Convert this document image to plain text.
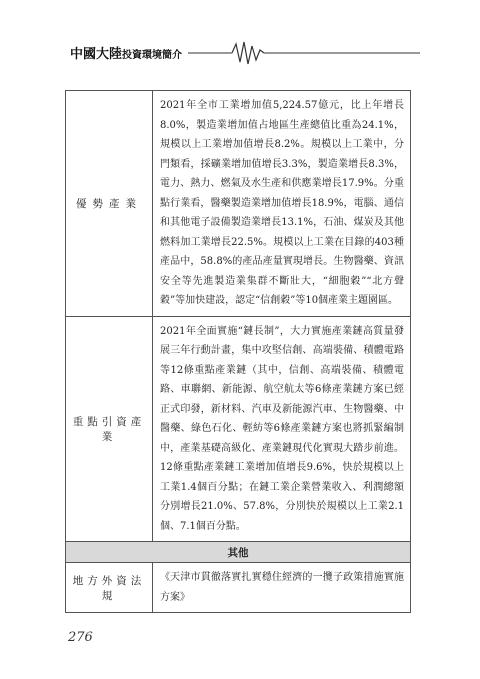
中國大陸投資環境簡介
優勢產業	2021年全市工業增加值5,224.57億元，比上年增長8.0%，製造業增加值占地區生產總值比重為24.1%，規模以上工業增加值增長8.2%。規模以上工業中，分門類看，採礦業增加值增長3.3%，製造業增長8.3%，電力、熱力、燃氣及水生產和供應業增長17.9%。分重點行業看，醫藥製造業增加值增長18.9%，電腦、通信和其他電子設備製造業增長13.1%，石油、煤炭及其他燃料加工業增長22.5%。規模以上工業在目錄的403種產品中，58.8%的產品產量實現增長。生物醫藥、資訊安全等先進製造業集群不斷壯大，“細胞穀”“北方聲穀”等加快建設，認定“信創穀”等10個產業主題園區。
重點引資產業	2021年全面實施“鏈長制”，大力實施產業鏈高質量發展三年行動計畫，集中攻堅信創、高端裝備、積體電路等12條重點產業鏈（其中，信創、高端裝備、積體電路、車聯網、新能源、航空航太等6條產業鏈方案已經正式印發，新材料、汽車及新能源汽車、生物醫藥、中醫藥、綠色石化、輕紡等6條產業鏈方案也將抓緊編制中，產業基礎高級化、產業鏈現代化實現大踏步前進。12條重點產業鏈工業增加值增長9.6%，快於規模以上工業1.4個百分點；在鏈工業企業營業收入、利潤總額分別增長21.0%、57.8%，分別快於規模以上工業2.1個、7.1個百分點。
其他	
地方外資法規	《天津市貫徹落實扎實穩住經濟的一攬子政策措施實施方案》
276
